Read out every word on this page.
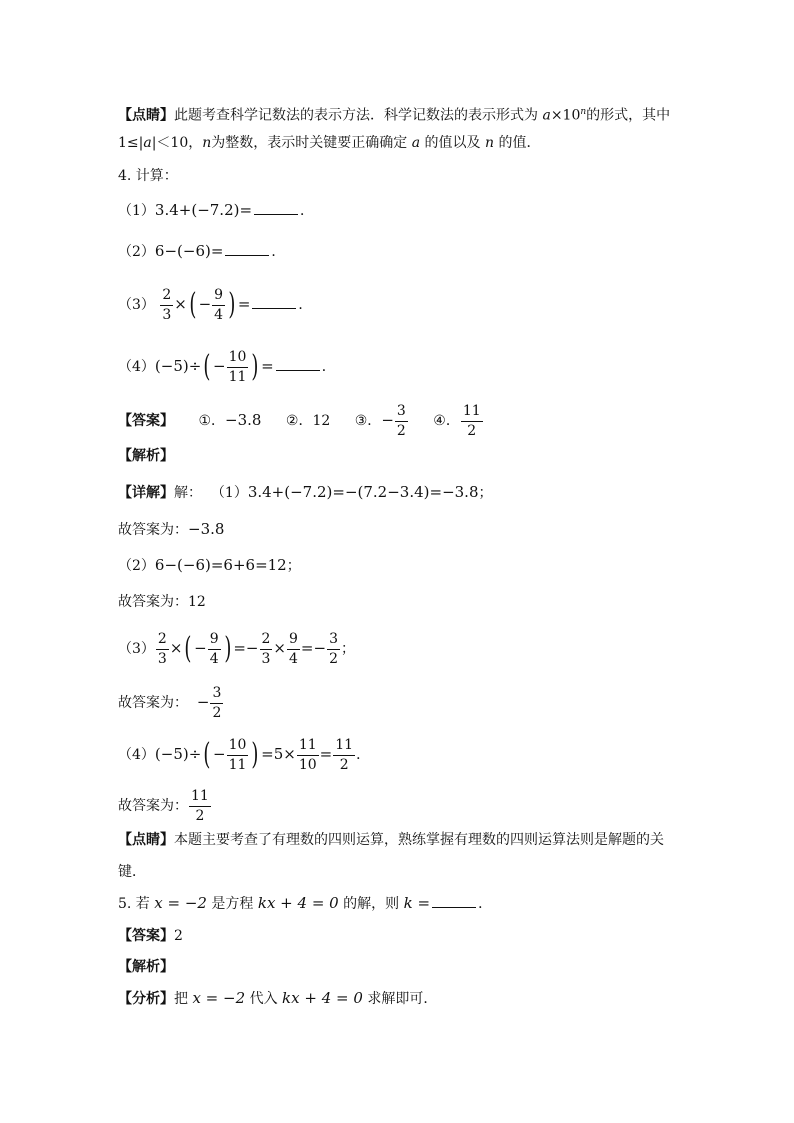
【点睛】此题考查科学记数法的表示方法．科学记数法的表示形式为 $a\times 10^n$的形式，其中
1≤|a|＜10，n为整数，表示时关键要正确确定 a 的值以及 n 的值．
4. 计算：
（1）3.4+(−7.2)=	．
（2）6−(−6)=	．
$(3) \frac{2}{3}$ ×( − $\frac{9}{4}$ ) =	．
$(4)(-5)\div( - \frac{10}{11}$ ) =	．
【答案】 ①．−3.8 ②．12 ③．− $\frac{3}{2}$ ④． $\frac{11}{2}$
【解析】
【详解】解： （1）3.4+(−7.2)=−(7.2−3.4)=−3.8；
故答案为：−3.8
（2）6−(−6)=6+6=12；
故答案为：12
$(3) \frac{2}{3}$ ×( − $\frac{9}{4}$ ) =− $\frac{2}{3} \times \frac{9}{4} =- \frac{3}{2}$ ；
故答案为： − $\frac{3}{2}$
$(4)(-5)\div( - \frac{10}{11}$ ) $=5\times \frac{11}{10} = \frac{11}{2}$ ．
故答案为： $\frac{11}{2}$
【点睛】本题主要考查了有理数的四则运算，熟练掌握有理数的四则运算法则是解题的关
键．
5. 若 x = −2 是方程 kx + 4 = 0 的解，则 k =	．
【答案】2
【解析】
【分析】把 x = −2 代入 kx + 4 = 0 求解即可．
